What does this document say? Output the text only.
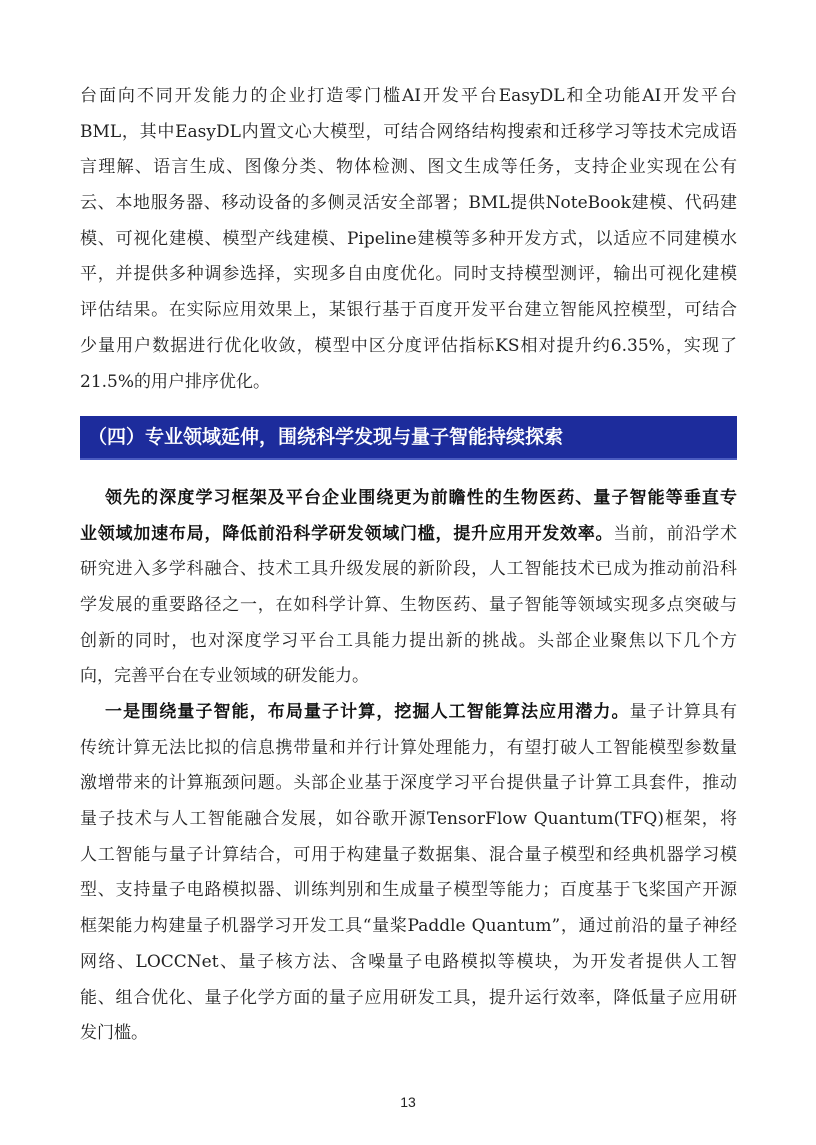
台面向不同开发能力的企业打造零门槛AI开发平台EasyDL和全功能AI开发平台
BML，其中EasyDL内置文心大模型，可结合网络结构搜索和迁移学习等技术完成语
言理解、语言生成、图像分类、物体检测、图文生成等任务，支持企业实现在公有
云、本地服务器、移动设备的多侧灵活安全部署；BML提供NoteBook建模、代码建
模、可视化建模、模型产线建模、Pipeline建模等多种开发方式，以适应不同建模水
平，并提供多种调参选择，实现多自由度优化。同时支持模型测评，输出可视化建模
评估结果。在实际应用效果上，某银行基于百度开发平台建立智能风控模型，可结合
少量用户数据进行优化收敛，模型中区分度评估指标KS相对提升约6.35%，实现了
21.5%的用户排序优化。
（四）专业领域延伸，围绕科学发现与量子智能持续探索
领先的深度学习框架及平台企业围绕更为前瞻性的生物医药、量子智能等垂直专
业领域加速布局，降低前沿科学研发领域门槛，提升应用开发效率。当前，前沿学术
研究进入多学科融合、技术工具升级发展的新阶段，人工智能技术已成为推动前沿科
学发展的重要路径之一，在如科学计算、生物医药、量子智能等领域实现多点突破与
创新的同时，也对深度学习平台工具能力提出新的挑战。头部企业聚焦以下几个方
向，完善平台在专业领域的研发能力。
一是围绕量子智能，布局量子计算，挖掘人工智能算法应用潜力。量子计算具有
传统计算无法比拟的信息携带量和并行计算处理能力，有望打破人工智能模型参数量
激增带来的计算瓶颈问题。头部企业基于深度学习平台提供量子计算工具套件，推动
量子技术与人工智能融合发展，如谷歌开源TensorFlow Quantum(TFQ)框架，将
人工智能与量子计算结合，可用于构建量子数据集、混合量子模型和经典机器学习模
型、支持量子电路模拟器、训练判别和生成量子模型等能力；百度基于飞桨国产开源
框架能力构建量子机器学习开发工具“量桨Paddle Quantum”，通过前沿的量子神经
网络、LOCCNet、量子核方法、含噪量子电路模拟等模块，为开发者提供人工智
能、组合优化、量子化学方面的量子应用研发工具，提升运行效率，降低量子应用研
发门槛。
13
